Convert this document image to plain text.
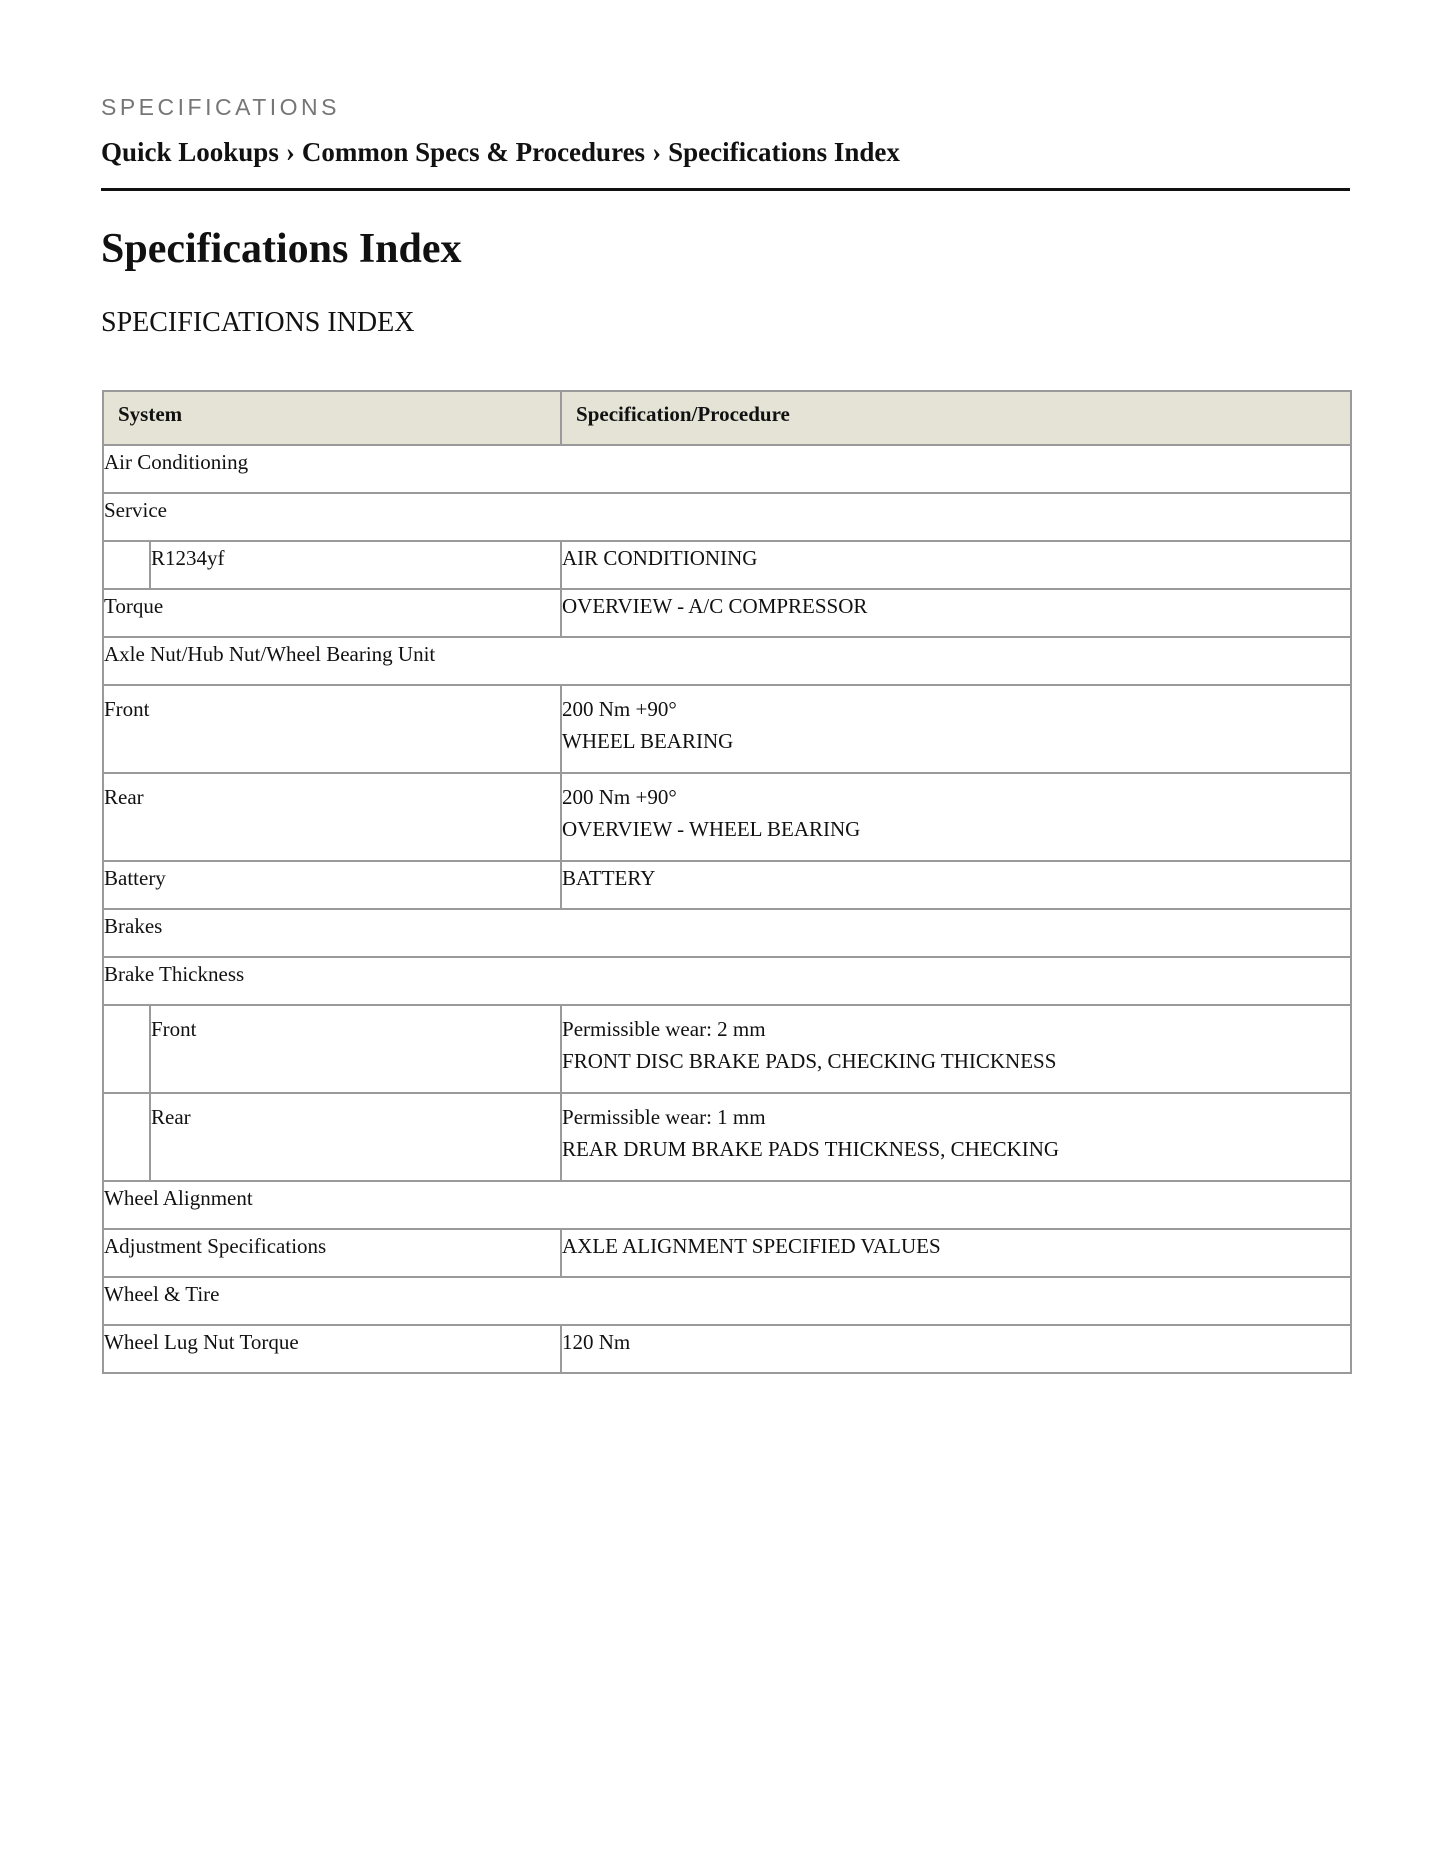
SPECIFICATIONS
Quick Lookups › Common Specs & Procedures › Specifications Index
Specifications Index
SPECIFICATIONS INDEX
System		Specification/Procedure
Air Conditioning		
Service		
	R1234yf	AIR CONDITIONING

Torque		OVERVIEW - A/C COMPRESSOR

Axle Nut/Hub Nut/Wheel Bearing Unit		
Front		200 Nm +90°
WHEEL BEARING

Rear		200 Nm +90°
OVERVIEW - WHEEL BEARING

Battery		BATTERY

Brakes		
Brake Thickness		
	Front	Permissible wear: 2 mm
FRONT DISC BRAKE PADS, CHECKING THICKNESS

	Rear	Permissible wear: 1 mm
REAR DRUM BRAKE PADS THICKNESS, CHECKING

Wheel Alignment		
Adjustment Specifications		AXLE ALIGNMENT SPECIFIED VALUES

Wheel & Tire		
Wheel Lug Nut Torque		120 Nm
